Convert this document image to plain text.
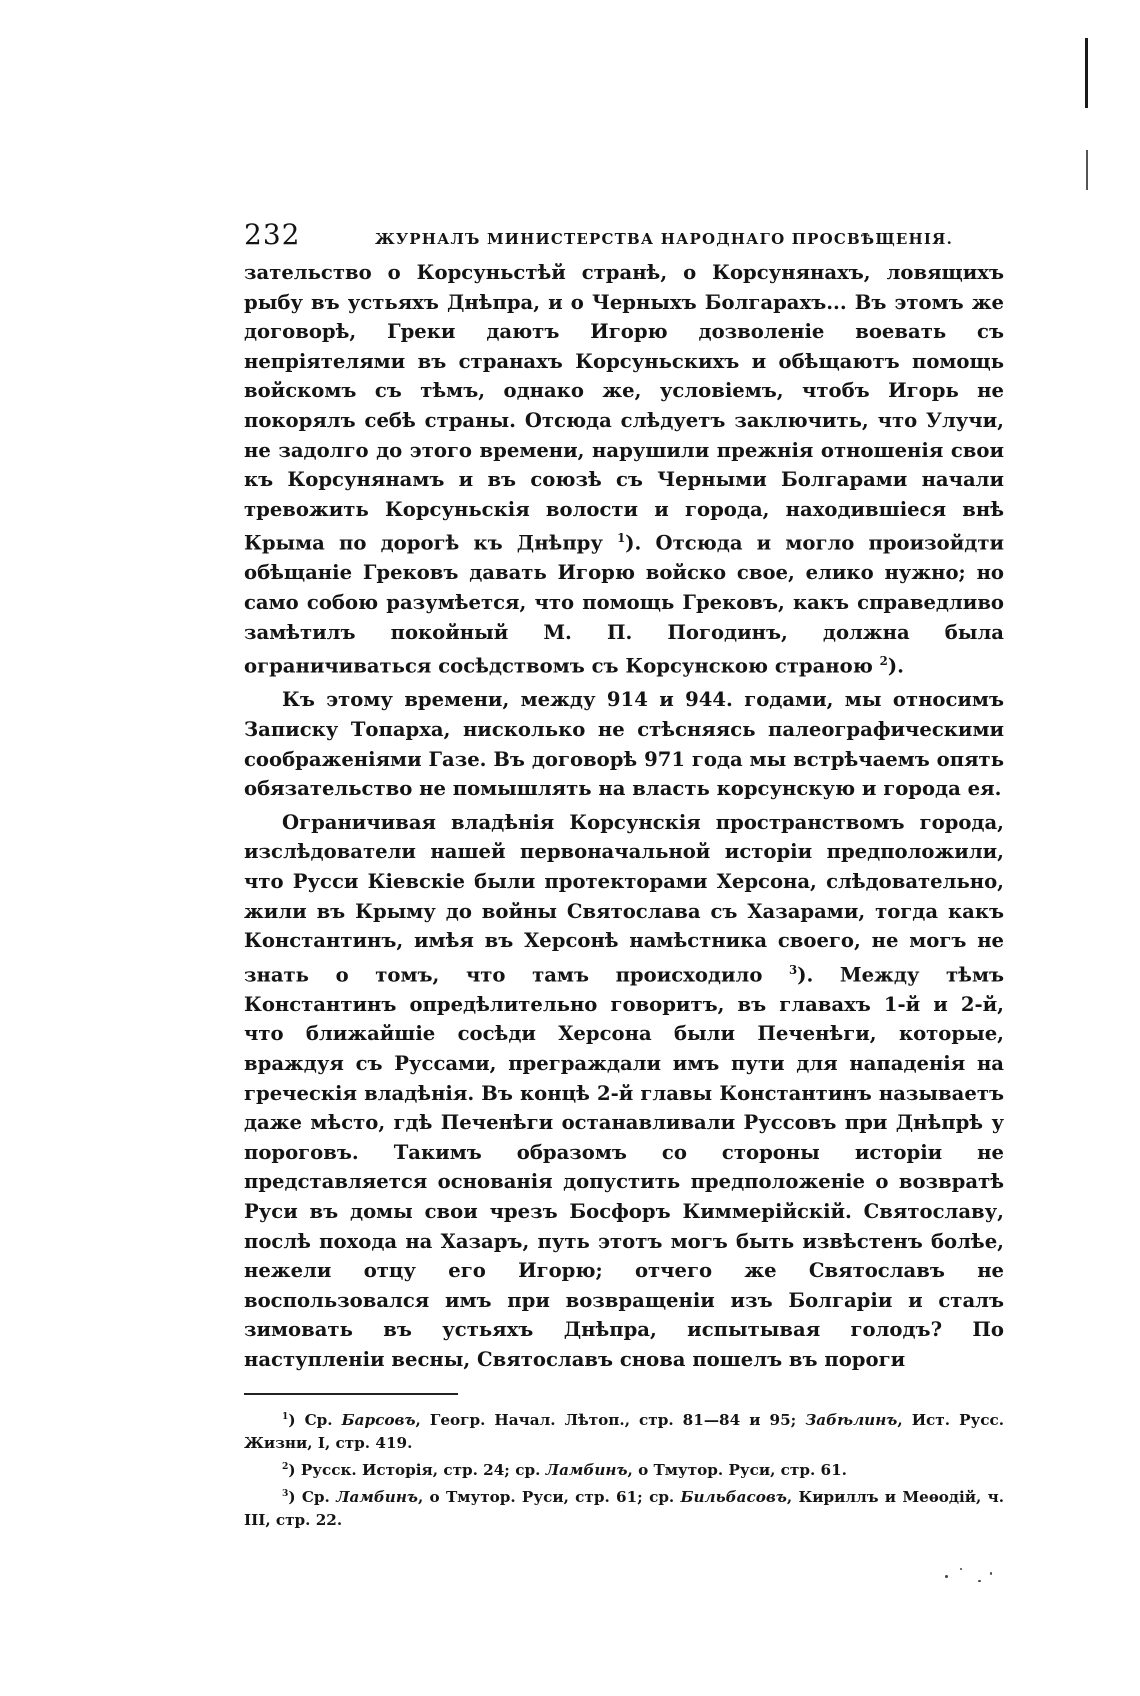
232	ЖУРНАЛЪ МИНИСТЕРСТВА НАРОДНАГО ПРОСВѢЩЕНІЯ.

зательство о Корсуньстѣй странѣ, о Корсунянахъ, ловящихъ рыбу въ устьяхъ Днѣпра, и о Черныхъ Болгарахъ... Въ этомъ же договорѣ, Греки даютъ Игорю дозволеніе воевать съ непріятелями въ странахъ Корсуньскихъ и обѣщаютъ помощь войскомъ съ тѣмъ, однако же, условіемъ, чтобъ Игорь не покорялъ себѣ страны. Отсюда слѣдуетъ заключить, что Улучи, не задолго до этого времени, нарушили прежнія отношенія свои къ Корсунянамъ и въ союзѣ съ Черными Болгарами начали тревожить Корсуньскія волости и города, находившіеся внѣ Крыма по дорогѣ къ Днѣпру $^1$). Отсюда и могло произойдти обѣщаніе Грековъ давать Игорю войско свое, елико нужно; но само собою разумѣется, что помощь Грековъ, какъ справедливо замѣтилъ покойный М. П. Погодинъ, должна была ограничиваться сосѣдствомъ съ Корсунскою страною $^2$).

Къ этому времени, между 914 и 944. годами, мы относимъ Записку Топарха, нисколько не стѣсняясь палеографическими соображеніями Газе. Въ договорѣ 971 года мы встрѣчаемъ опять обязательство не помышлять на власть корсунскую и города ея.

Ограничивая владѣнія Корсунскія пространствомъ города, изслѣдователи нашей первоначальной исторіи предположили, что Русси Кіевскіе были протекторами Херсона, слѣдовательно, жили въ Крыму до войны Святослава съ Хазарами, тогда какъ Константинъ, имѣя въ Херсонѣ намѣстника своего, не могъ не знать о томъ, что тамъ происходило $^3$). Между тѣмъ Константинъ опредѣлительно говоритъ, въ главахъ 1-й и 2-й, что ближайшіе сосѣди Херсона были Печенѣги, которые, враждуя съ Руссами, преграждали имъ пути для нападенія на греческія владѣнія. Въ концѣ 2-й главы Константинъ называетъ даже мѣсто, гдѣ Печенѣги останавливали Руссовъ при Днѣпрѣ у пороговъ. Такимъ образомъ со стороны исторіи не представляется основанія допустить предположеніе о возвратѣ Руси въ домы свои чрезъ Босфоръ Киммерійскій. Святославу, послѣ похода на Хазаръ, путь этотъ могъ быть извѣстенъ болѣе, нежели отцу его Игорю; отчего же Святославъ не воспользовался имъ при возвращеніи изъ Болгаріи и сталъ зимовать въ устьяхъ Днѣпра, испытывая голодъ? По наступленіи весны, Святославъ снова пошелъ въ пороги

$^1$) Ср. Барсовъ, Геогр. Начал. Лѣтоп., стр. 81—84 и 95; Забѣлинъ, Ист. Русс. Жизни, I, стр. 419.

$^2$) Русск. Исторія, стр. 24; ср. Ламбинъ, о Тмутор. Руси, стр. 61.

$^3$) Ср. Ламбинъ, о Тмутор. Руси, стр. 61; ср. Бильбасовъ, Кириллъ и Меѳодій, ч. III, стр. 22.
